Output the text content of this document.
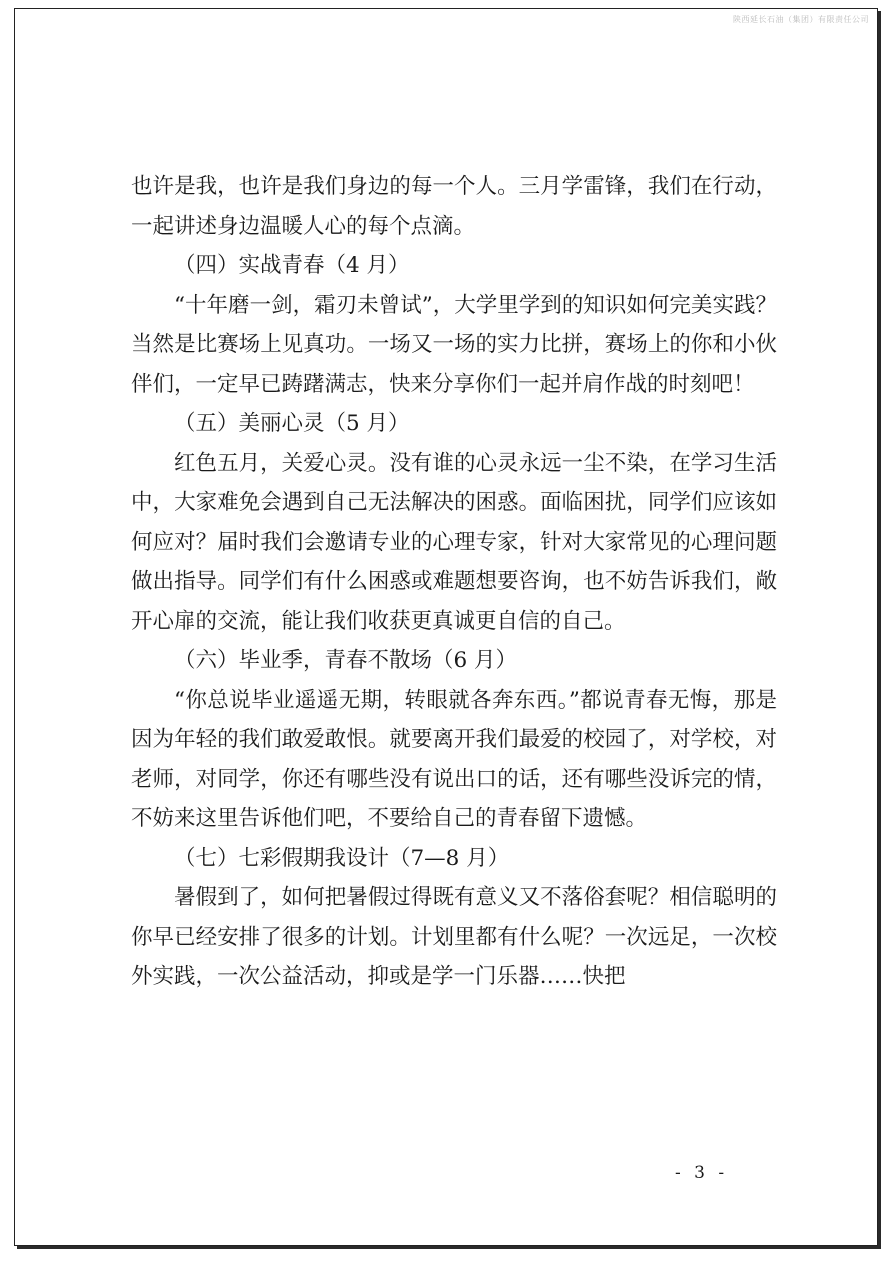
陕西延长石油（集团）有限责任公司

也许是我，也许是我们身边的每一个人。三月学雷锋，我们在行动，一起讲述身边温暖人心的每个点滴。

（四）实战青春（4 月）

“十年磨一剑，霜刃未曾试”，大学里学到的知识如何完美实践？当然是比赛场上见真功。一场又一场的实力比拼，赛场上的你和小伙伴们，一定早已踌躇满志，快来分享你们一起并肩作战的时刻吧！

（五）美丽心灵（5 月）

红色五月，关爱心灵。没有谁的心灵永远一尘不染，在学习生活中，大家难免会遇到自己无法解决的困惑。面临困扰，同学们应该如何应对？届时我们会邀请专业的心理专家，针对大家常见的心理问题做出指导。同学们有什么困惑或难题想要咨询，也不妨告诉我们，敞开心扉的交流，能让我们收获更真诚更自信的自己。

（六）毕业季，青春不散场（6 月）

“你总说毕业遥遥无期，转眼就各奔东西。”都说青春无悔，那是因为年轻的我们敢爱敢恨。就要离开我们最爱的校园了，对学校，对老师，对同学，你还有哪些没有说出口的话，还有哪些没诉完的情，不妨来这里告诉他们吧，不要给自己的青春留下遗憾。

（七）七彩假期我设计（7—8 月）

暑假到了，如何把暑假过得既有意义又不落俗套呢？相信聪明的你早已经安排了很多的计划。计划里都有什么呢？一次远足，一次校外实践，一次公益活动，抑或是学一门乐器……快把

- 3 -
